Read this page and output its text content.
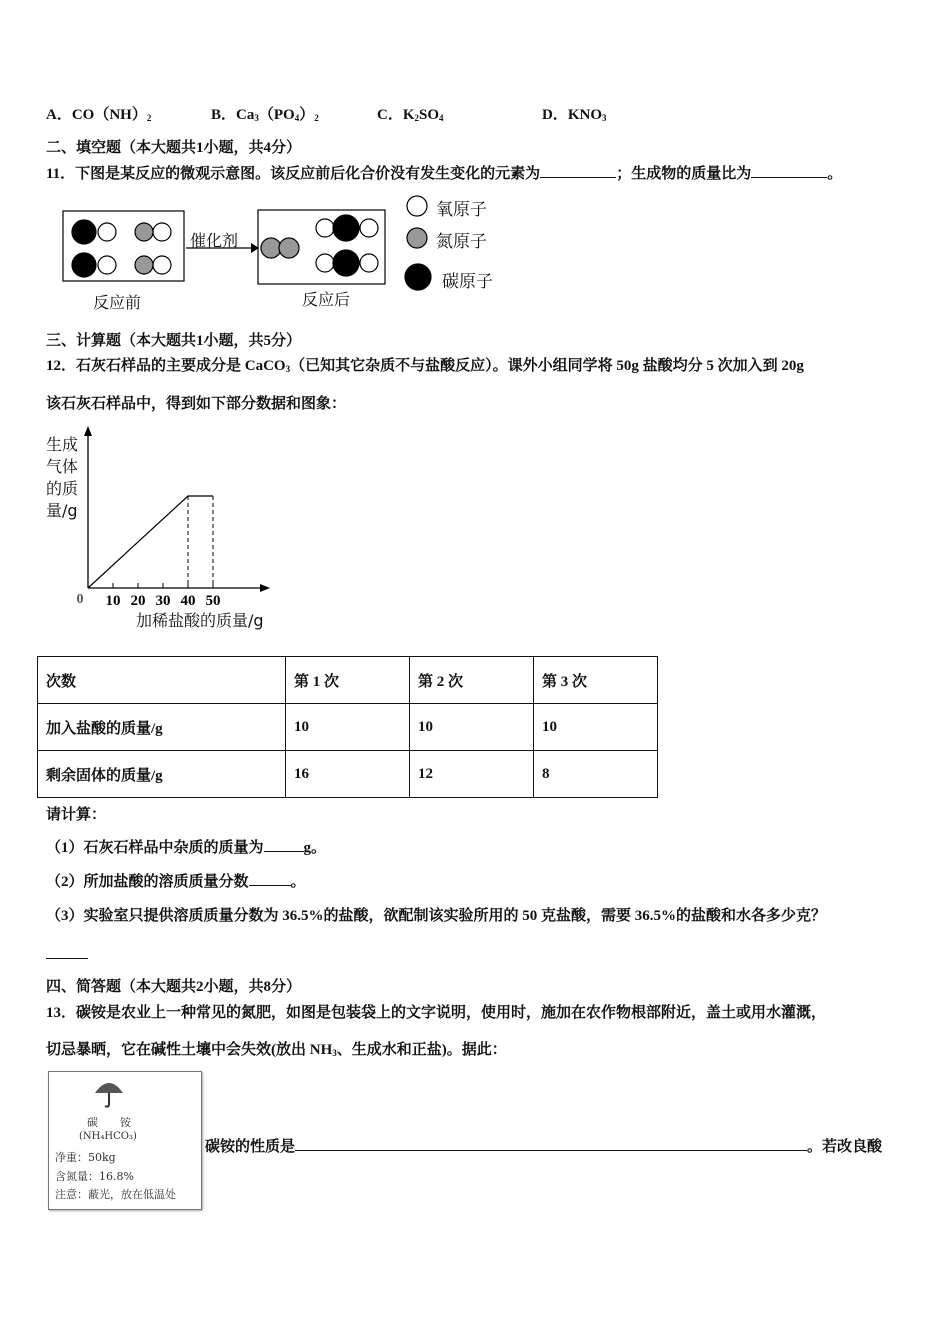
A．$CO(NH)_2$	B．$Ca_3(PO_4)_2$	C．$K_2SO_4$	D．$KNO_3$
二、填空题（本大题共1小题，共4分）
11．下图是某反应的微观示意图。该反应前后化合价没有发生变化的元素为	；生成物的质量比为	。
催化剂
反应前	反应后
氧原子
氮原子
碳原子
三、计算题（本大题共1小题，共5分）
12．石灰石样品的主要成分是 CaCO$_3$（已知其它杂质不与盐酸反应）。课外小组同学将 50g 盐酸均分 5 次加入到 20g
该石灰石样品中，得到如下部分数据和图象：
10 20 30 40 50
0
生成
气体
的质
量/g
加稀盐酸的质量/g
次数	第 1 次	第 2 次	第 3 次
加入盐酸的质量/g	10	10	10
剩余固体的质量/g	16	12	8
请计算：
（1）石灰石样品中杂质的质量为	g。
（2）所加盐酸的溶质质量分数	。
（3）实验室只提供溶质质量分数为 36.5%的盐酸，欲配制该实验所用的 50 克盐酸，需要 36.5%的盐酸和水各多少克？
四、简答题（本大题共2小题，共8分）
13．碳铵是农业上一种常见的氮肥，如图是包装袋上的文字说明，使用时，施加在农作物根部附近，盖土或用水灌溉，
切忌暴晒，它在碱性土壤中会失效(放出 $NH_3$、生成水和正盐)。据此：
碳　　铵
(NH₄HCO₃)
净重：50kg
含氮量：16.8%
注意：蔽光，放在低温处
碳铵的性质是	。若改良酸
